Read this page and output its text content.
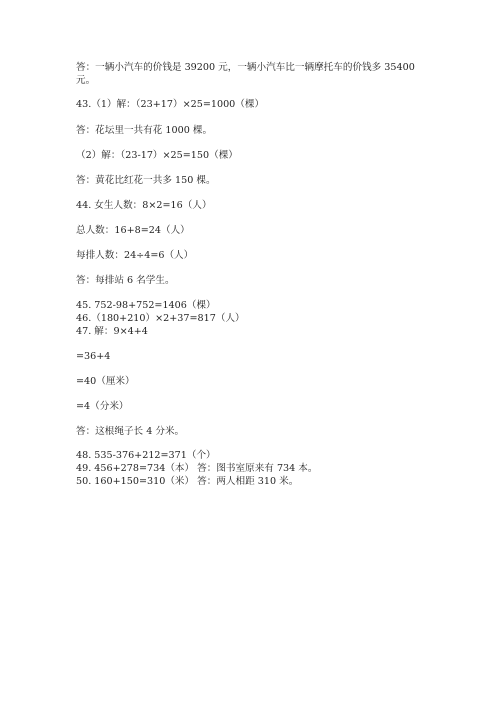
答：一辆小汽车的价钱是 39200 元，一辆小汽车比一辆摩托车的价钱多 35400
元。
43.（1）解：（23+17）×25=1000（棵）
答：花坛里一共有花 1000 棵。
（2）解：（23-17）×25=150（棵）
答：黄花比红花一共多 150 棵。
44. 女生人数：8×2=16（人）
总人数：16+8=24（人）
每排人数：24÷4=6（人）
答：每排站 6 名学生。
45. 752-98+752=1406（棵）
46.（180+210）×2+37=817（人）
47. 解：9×4+4
=36+4
=40（厘米）
=4（分米）
答：这根绳子长 4 分米。
48. 535-376+212=371（个）
49. 456+278=734（本） 答：图书室原来有 734 本。
50. 160+150=310（米） 答：两人相距 310 米。
